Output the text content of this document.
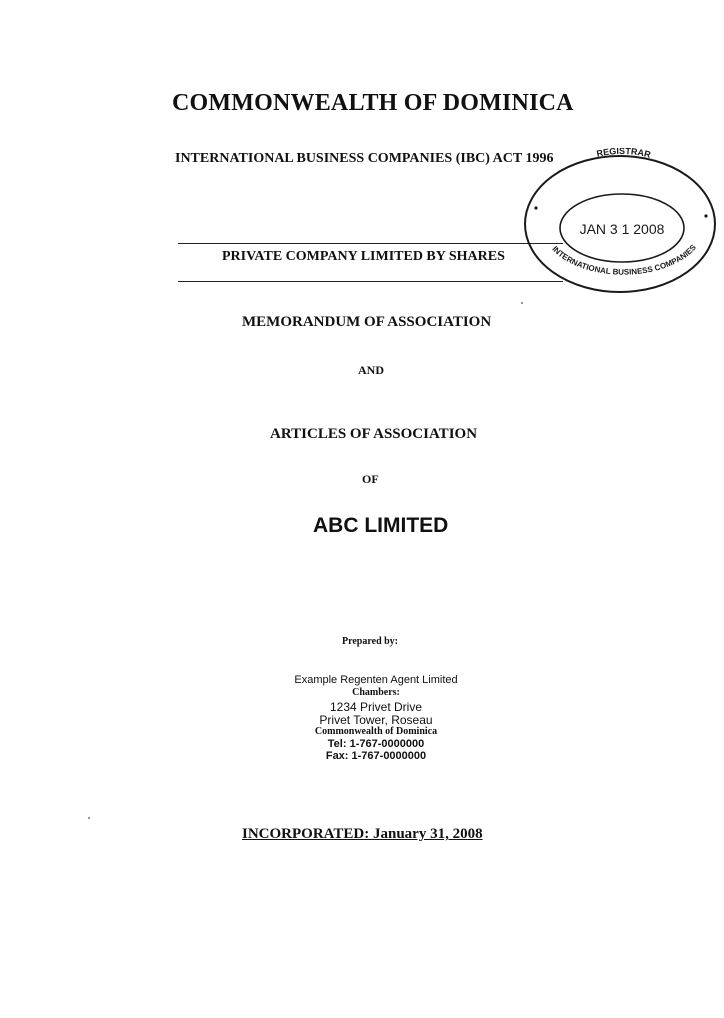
COMMONWEALTH OF DOMINICA
INTERNATIONAL BUSINESS COMPANIES (IBC) ACT 1996
PRIVATE COMPANY LIMITED BY SHARES
MEMORANDUM OF ASSOCIATION
AND
ARTICLES OF ASSOCIATION
OF
ABC LIMITED
Prepared by:
Example Regenten Agent Limited
Chambers:
1234 Privet Drive
Privet Tower, Roseau
Commonwealth of Dominica
Tel: 1-767-0000000
Fax: 1-767-0000000
INCORPORATED: January 31, 2008
REGISTRAR
JAN 3 1 2008
INTERNATIONAL BUSINESS COMPANIES
